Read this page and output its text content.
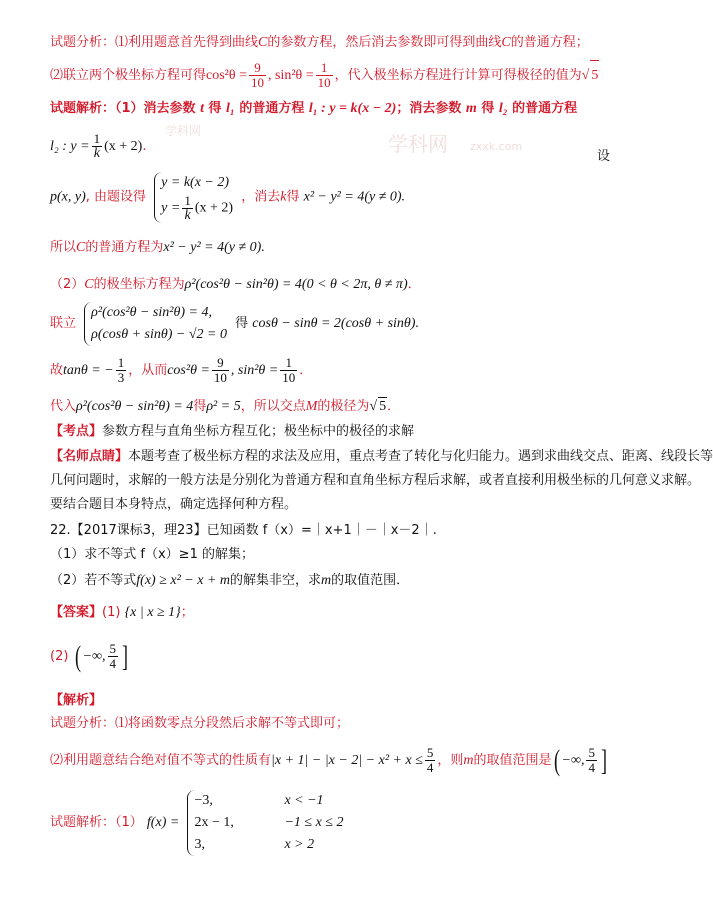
学科网 zxxk.com
学科网
设
试题分析：⑴利用题意首先得到曲线C的参数方程，然后消去参数即可得到曲线C的普通方程；
⑵联立两个极坐标方程可得$\cos^2\theta = \frac{9}{10}$ , $\sin^2\theta = \frac{1}{10}$ ，代入极坐标方程进行计算可得极径的值为√ 5
试题解析：（1）消去参数 t 得 l₁ 的普通方程 l₁ : y = k(x − 2)；消去参数 m 得 l₂ 的普通方程
l₂ : $y = \frac{1}{k} (x + 2)$.
p(x, y), 由题设得
y = k(x − 2)
$y = \frac{1}{k} (x + 2)$
，消去k得 x² − y² = 4(y ≠ 0).
所以C的普通方程为x² − y² = 4(y ≠ 0).
（2）C的极坐标方程为ρ²(cos²θ − sin²θ) = 4(0 < θ < 2π, θ ≠ π)．
联立
ρ²(cos²θ − sin²θ) = 4,
ρ(cosθ + sinθ) − √2 = 0
得 cosθ − sinθ = 2(cosθ + sinθ).
故tanθ = − $\frac{1}{3}$ ，从而$\cos^2\theta = \frac{9}{10}$ , $\sin^2\theta = \frac{1}{10}$ ．
代入ρ²(cos²θ − sin²θ) = 4得ρ² = 5，所以交点M的极径为√ 5．
【考点】参数方程与直角坐标方程互化；极坐标中的极径的求解
【名师点睛】本题考查了极坐标方程的求法及应用，重点考查了转化与化归能力。遇到求曲线交点、距离、线段长等
几何问题时，求解的一般方法是分别化为普通方程和直角坐标方程后求解，或者直接利用极坐标的几何意义求解。
要结合题目本身特点，确定选择何种方程。
22.【2017课标3，理23】已知函数 f（x）=｜x+1｜－｜x－2｜.
（1）求不等式 f（x）≥1 的解集；
（2）若不等式f(x) ≥ x² − x + m的解集非空，求m的取值范围．
【答案】(1) {x | x ≥ 1}；
(2) ( −∞, $\frac{5}{4}$ ]
【解析】
试题分析：⑴将函数零点分段然后求解不等式即可；
⑵利用题意结合绝对值不等式的性质有$|x + 1| - |x - 2| - x^2 + x \le \frac{5}{4}$ ，则m的取值范围是( −∞, $\frac{5}{4}$ ]
试题解析：（1） f(x) =
−3,	x < −1
2x − 1,	−1 ≤ x ≤ 2
3,	x > 2
